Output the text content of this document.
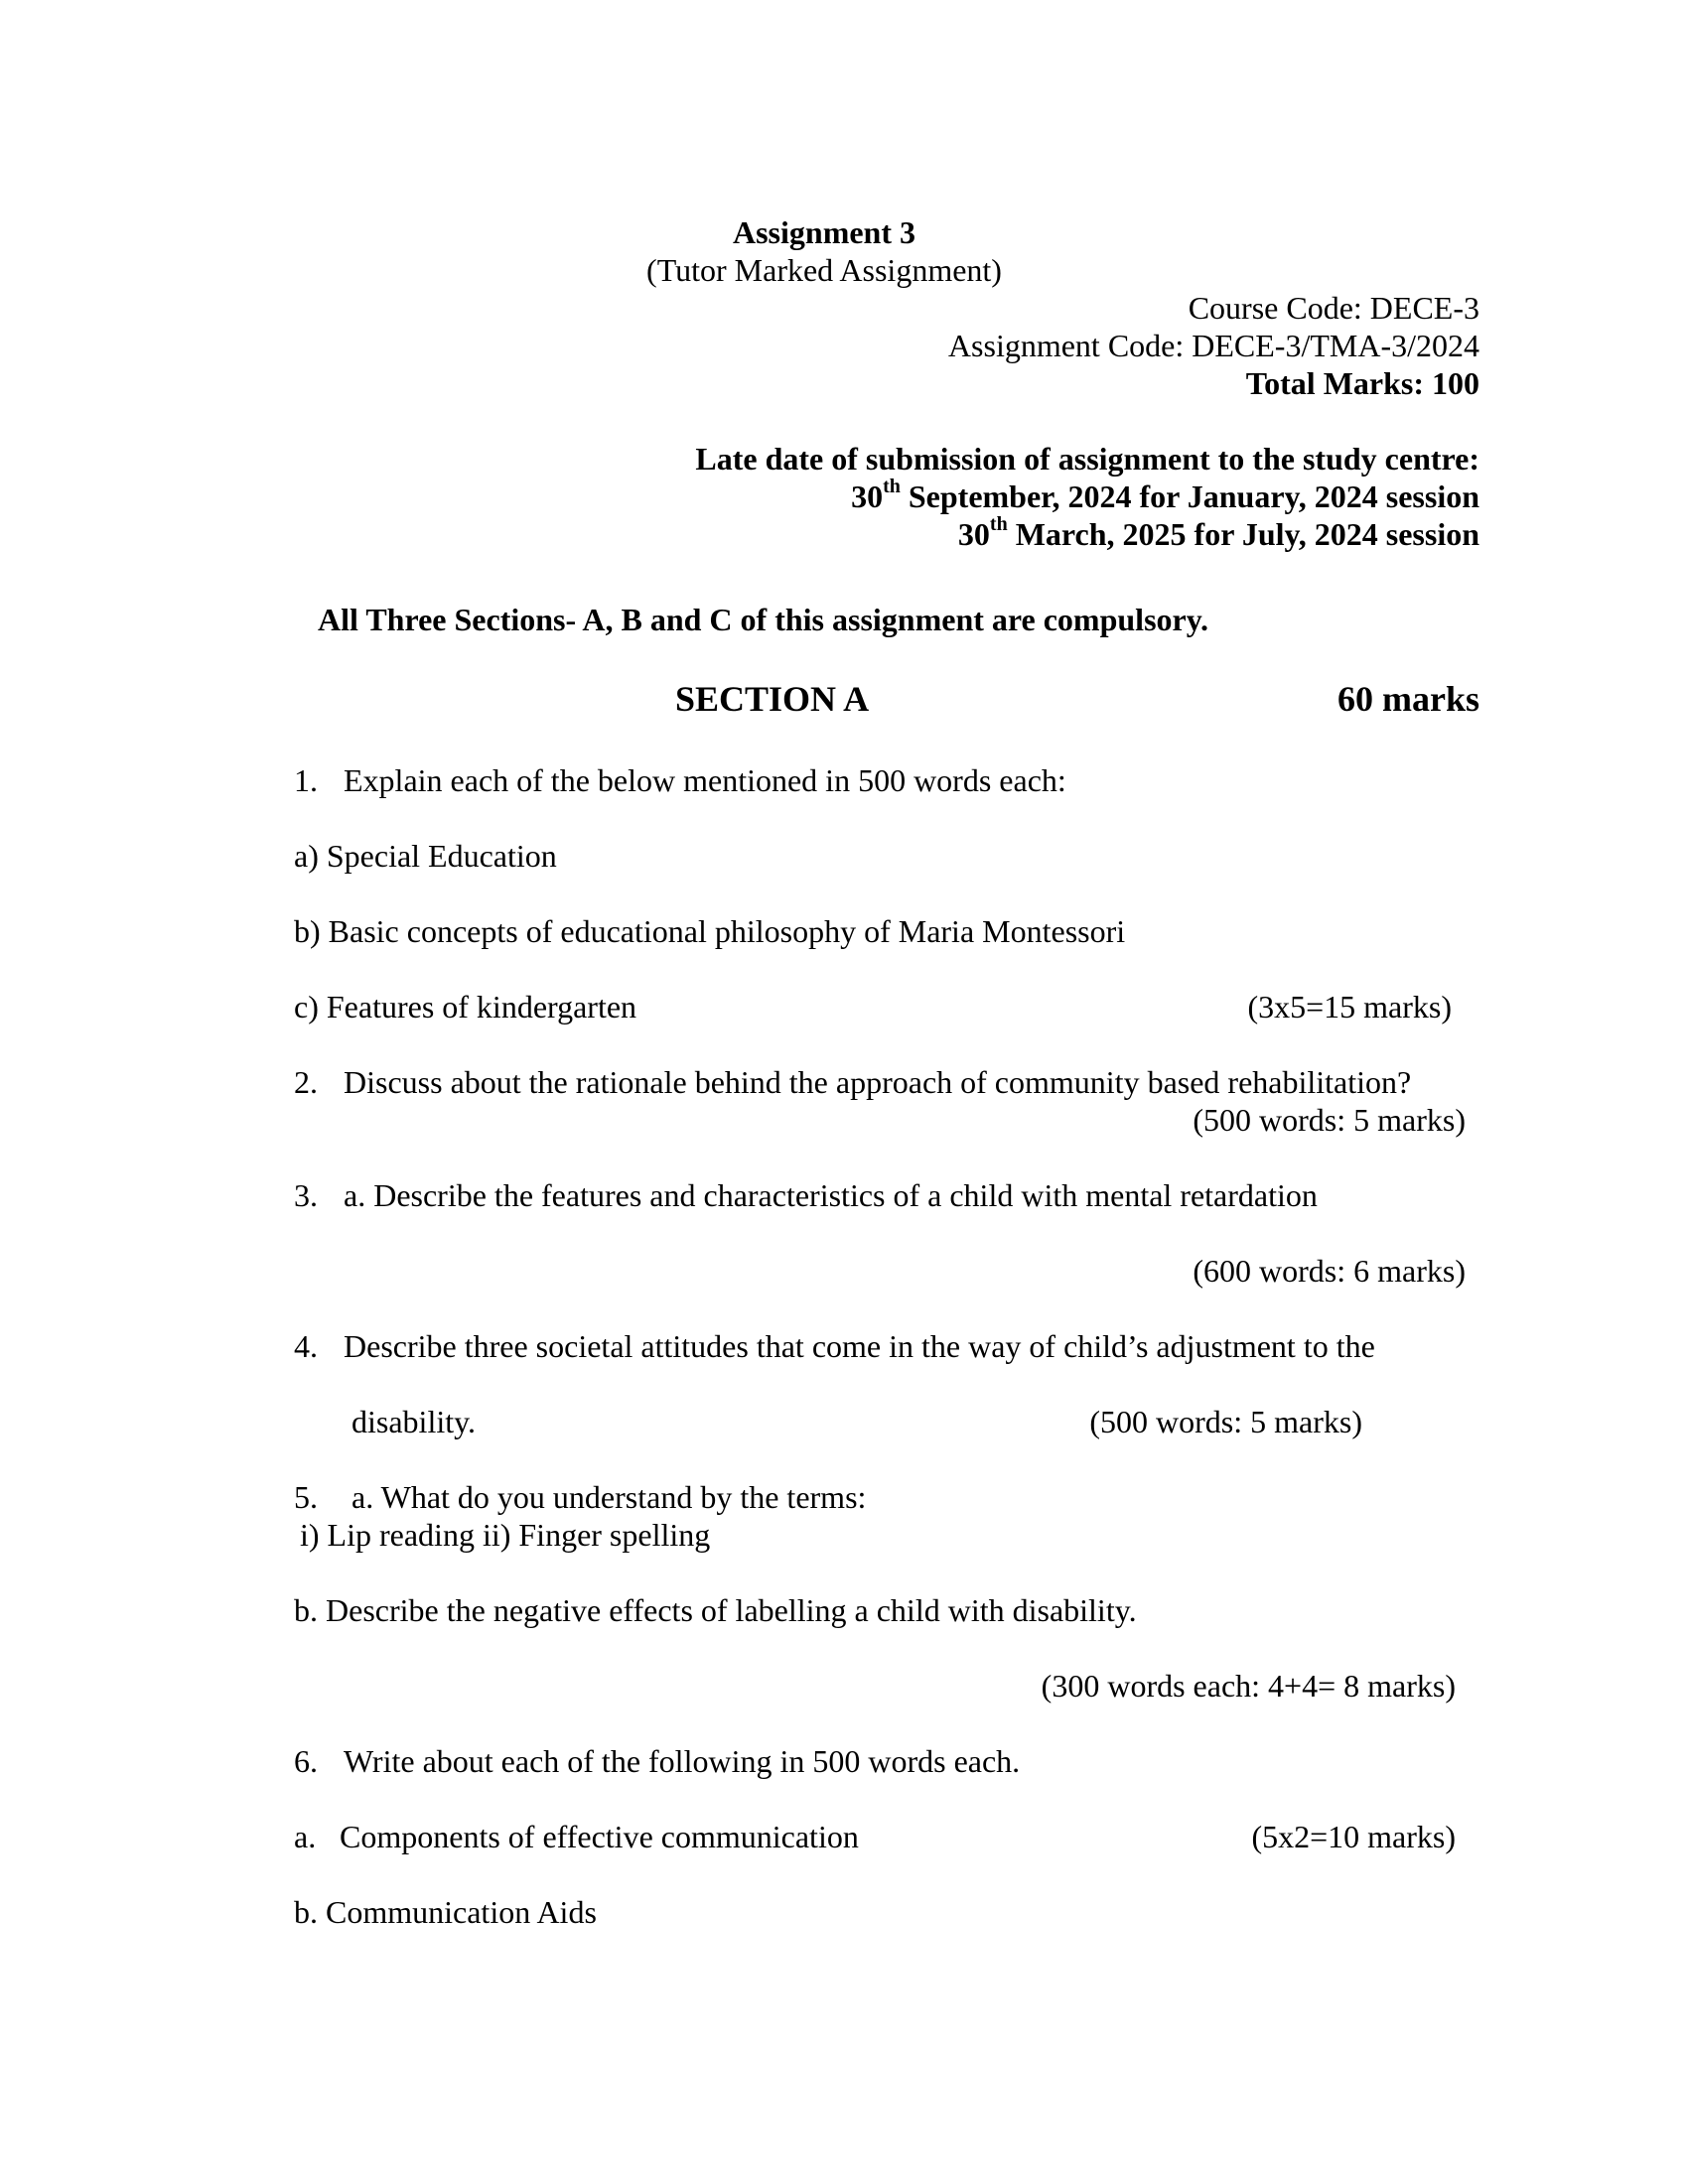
Assignment 3
(Tutor Marked Assignment)
Course Code: DECE-3
Assignment Code: DECE-3/TMA-3/2024
Total Marks: 100
Late date of submission of assignment to the study centre:
30th September, 2024 for January, 2024 session
30th March, 2025 for July, 2024 session
All Three Sections- A, B and C of this assignment are compulsory.
SECTION A	60 marks
1. Explain each of the below mentioned in 500 words each:
a) Special Education
b) Basic concepts of educational philosophy of Maria Montessori
c) Features of kindergarten	(3x5=15 marks)
2. Discuss about the rationale behind the approach of community based rehabilitation?
(500 words: 5 marks)
3. a. Describe the features and characteristics of a child with mental retardation
(600 words: 6 marks)
4. Describe three societal attitudes that come in the way of child’s adjustment to the
disability.	(500 words: 5 marks)
5. a. What do you understand by the terms:
i) Lip reading ii) Finger spelling
b. Describe the negative effects of labelling a child with disability.
(300 words each: 4+4= 8 marks)
6. Write about each of the following in 500 words each.
a. Components of effective communication	(5x2=10 marks)
b. Communication Aids
